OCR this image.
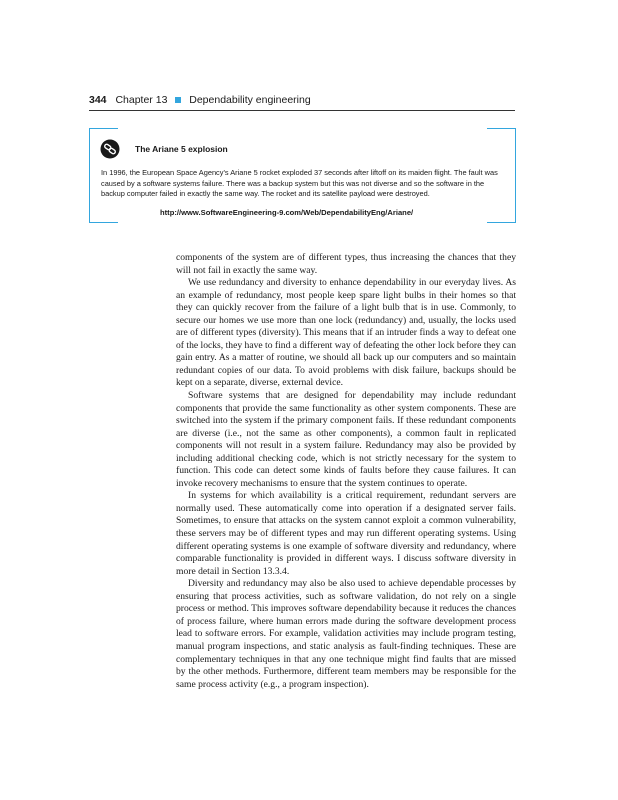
344 Chapter 13 Dependability engineering
The Ariane 5 explosion

In 1996, the European Space Agency's Ariane 5 rocket exploded 37 seconds after liftoff on its maiden flight. The fault was caused by a software systems failure. There was a backup system but this was not diverse and so the software in the backup computer failed in exactly the same way. The rocket and its satellite payload were destroyed.

http://www.SoftwareEngineering-9.com/Web/DependabilityEng/Ariane/

components of the system are of different types, thus increasing the chances that they will not fail in exactly the same way.

We use redundancy and diversity to enhance dependability in our everyday lives. As an example of redundancy, most people keep spare light bulbs in their homes so that they can quickly recover from the failure of a light bulb that is in use. Commonly, to secure our homes we use more than one lock (redundancy) and, usually, the locks used are of different types (diversity). This means that if an intruder finds a way to defeat one of the locks, they have to find a different way of defeating the other lock before they can gain entry. As a matter of routine, we should all back up our computers and so maintain redundant copies of our data. To avoid problems with disk failure, backups should be kept on a separate, diverse, external device.

Software systems that are designed for dependability may include redundant components that provide the same functionality as other system components. These are switched into the system if the primary component fails. If these redundant components are diverse (i.e., not the same as other components), a common fault in replicated components will not result in a system failure. Redundancy may also be provided by including additional checking code, which is not strictly necessary for the system to function. This code can detect some kinds of faults before they cause failures. It can invoke recovery mechanisms to ensure that the system continues to operate.

In systems for which availability is a critical requirement, redundant servers are normally used. These automatically come into operation if a designated server fails. Sometimes, to ensure that attacks on the system cannot exploit a common vulnerability, these servers may be of different types and may run different operating systems. Using different operating systems is one example of software diversity and redundancy, where comparable functionality is provided in different ways. I discuss software diversity in more detail in Section 13.3.4.

Diversity and redundancy may also be also used to achieve dependable processes by ensuring that process activities, such as software validation, do not rely on a single process or method. This improves software dependability because it reduces the chances of process failure, where human errors made during the software development process lead to software errors. For example, validation activities may include program testing, manual program inspections, and static analysis as fault-finding techniques. These are complementary techniques in that any one technique might find faults that are missed by the other methods. Furthermore, different team members may be responsible for the same process activity (e.g., a program inspection).
